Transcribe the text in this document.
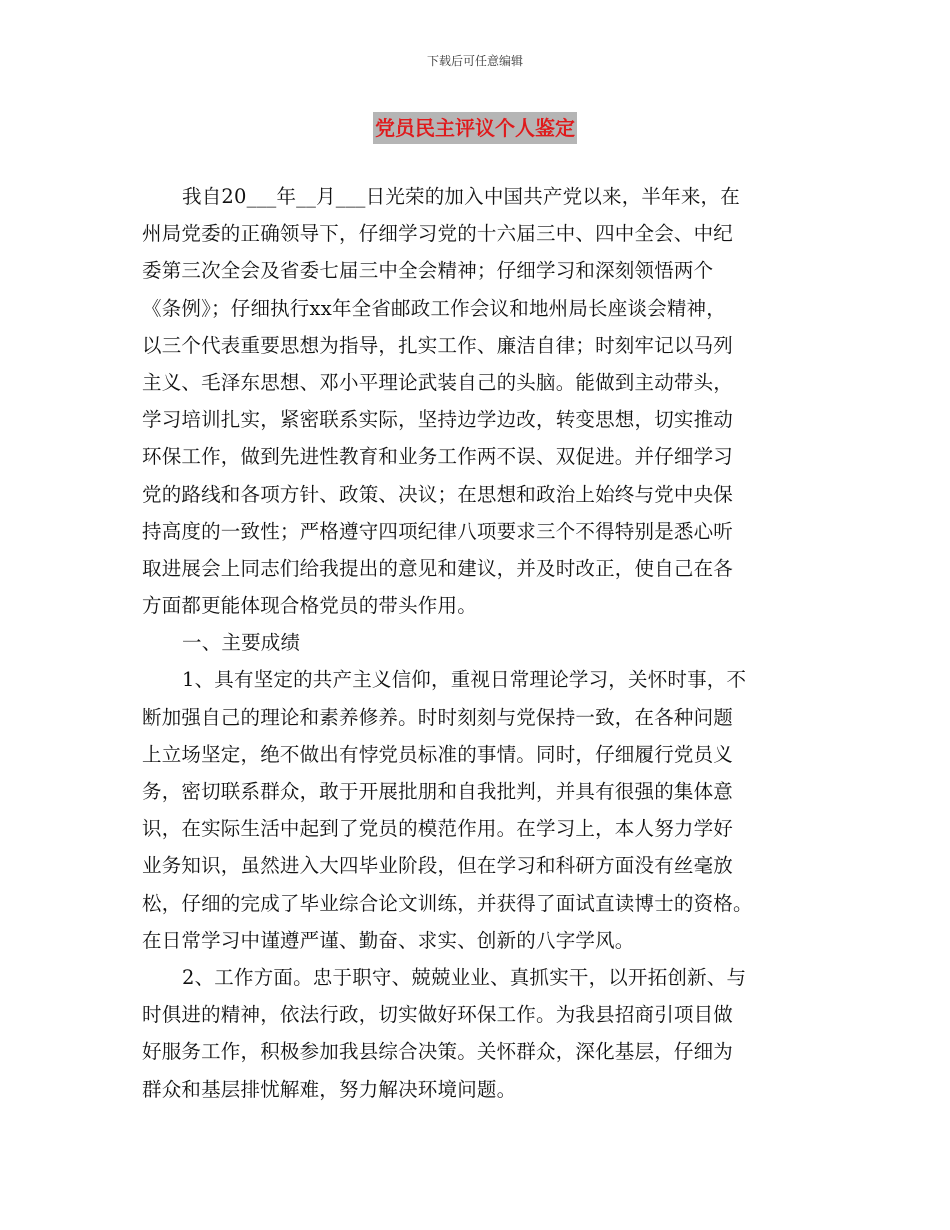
下载后可任意编辑
党员民主评议个人鉴定
我自20___年__月___日光荣的加入中国共产党以来，半年来，在
州局党委的正确领导下，仔细学习党的十六届三中、四中全会、中纪
委第三次全会及省委七届三中全会精神；仔细学习和深刻领悟两个
《条例》；仔细执行xx年全省邮政工作会议和地州局长座谈会精神，
以三个代表重要思想为指导，扎实工作、廉洁自律；时刻牢记以马列
主义、毛泽东思想、邓小平理论武装自己的头脑。能做到主动带头，
学习培训扎实，紧密联系实际，坚持边学边改，转变思想，切实推动
环保工作，做到先进性教育和业务工作两不误、双促进。并仔细学习
党的路线和各项方针、政策、决议；在思想和政治上始终与党中央保
持高度的一致性；严格遵守四项纪律八项要求三个不得特别是悉心听
取进展会上同志们给我提出的意见和建议，并及时改正，使自己在各
方面都更能体现合格党员的带头作用。
一、主要成绩
1、具有坚定的共产主义信仰，重视日常理论学习，关怀时事，不
断加强自己的理论和素养修养。时时刻刻与党保持一致，在各种问题
上立场坚定，绝不做出有悖党员标准的事情。同时，仔细履行党员义
务，密切联系群众，敢于开展批朋和自我批判，并具有很强的集体意
识，在实际生活中起到了党员的模范作用。在学习上，本人努力学好
业务知识，虽然进入大四毕业阶段，但在学习和科研方面没有丝毫放
松，仔细的完成了毕业综合论文训练，并获得了面试直读博士的资格。
在日常学习中谨遵严谨、勤奋、求实、创新的八字学风。
2、工作方面。忠于职守、兢兢业业、真抓实干，以开拓创新、与
时俱进的精神，依法行政，切实做好环保工作。为我县招商引项目做
好服务工作，积极参加我县综合决策。关怀群众，深化基层，仔细为
群众和基层排忧解难，努力解决环境问题。
